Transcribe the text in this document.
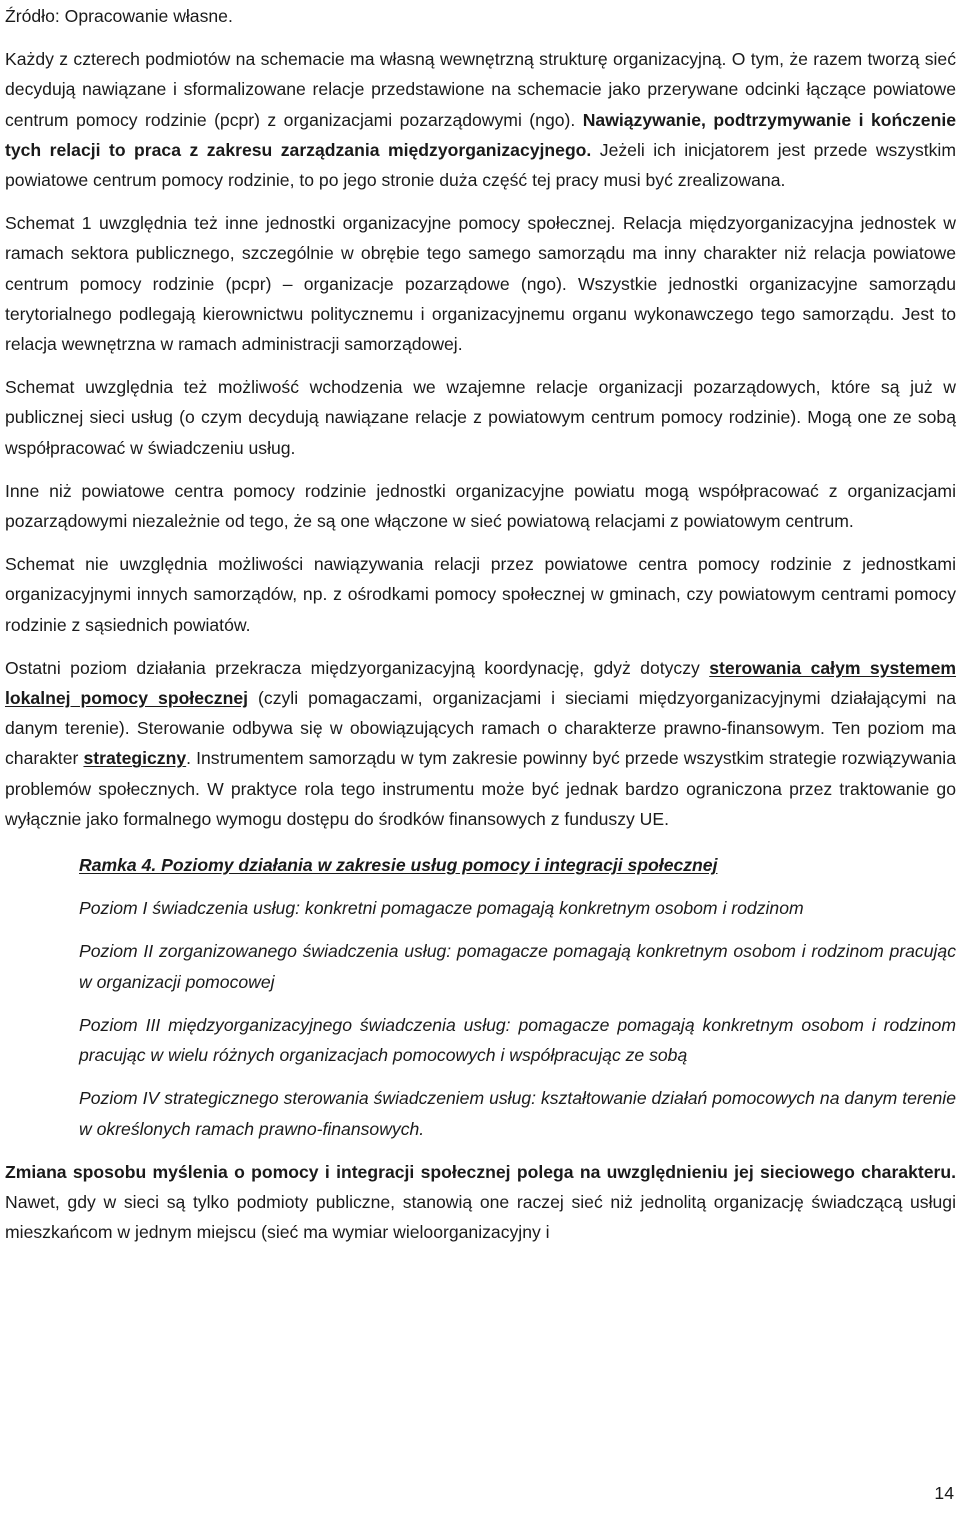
Źródło: Opracowanie własne.

Każdy z czterech podmiotów na schemacie ma własną wewnętrzną strukturę organizacyjną. O tym, że razem tworzą sieć decydują nawiązane i sformalizowane relacje przedstawione na schemacie jako przerywane odcinki łączące powiatowe centrum pomocy rodzinie (pcpr) z organizacjami pozarządowymi (ngo). Nawiązywanie, podtrzymywanie i kończenie tych relacji to praca z zakresu zarządzania międzyorganizacyjnego. Jeżeli ich inicjatorem jest przede wszystkim powiatowe centrum pomocy rodzinie, to po jego stronie duża część tej pracy musi być zrealizowana.

Schemat 1 uwzględnia też inne jednostki organizacyjne pomocy społecznej. Relacja międzyorganizacyjna jednostek w ramach sektora publicznego, szczególnie w obrębie tego samego samorządu ma inny charakter niż relacja powiatowe centrum pomocy rodzinie (pcpr) – organizacje pozarządowe (ngo). Wszystkie jednostki organizacyjne samorządu terytorialnego podlegają kierownictwu politycznemu i organizacyjnemu organu wykonawczego tego samorządu. Jest to relacja wewnętrzna w ramach administracji samorządowej.

Schemat uwzględnia też możliwość wchodzenia we wzajemne relacje organizacji pozarządowych, które są już w publicznej sieci usług (o czym decydują nawiązane relacje z powiatowym centrum pomocy rodzinie). Mogą one ze sobą współpracować w świadczeniu usług.

Inne niż powiatowe centra pomocy rodzinie jednostki organizacyjne powiatu mogą współpracować z organizacjami pozarządowymi niezależnie od tego, że są one włączone w sieć powiatową relacjami z powiatowym centrum.

Schemat nie uwzględnia możliwości nawiązywania relacji przez powiatowe centra pomocy rodzinie z jednostkami organizacyjnymi innych samorządów, np. z ośrodkami pomocy społecznej w gminach, czy powiatowym centrami pomocy rodzinie z sąsiednich powiatów.

Ostatni poziom działania przekracza międzyorganizacyjną koordynację, gdyż dotyczy sterowania całym systemem lokalnej pomocy społecznej (czyli pomagaczami, organizacjami i sieciami międzyorganizacyjnymi działającymi na danym terenie). Sterowanie odbywa się w obowiązujących ramach o charakterze prawno-finansowym. Ten poziom ma charakter strategiczny. Instrumentem samorządu w tym zakresie powinny być przede wszystkim strategie rozwiązywania problemów społecznych. W praktyce rola tego instrumentu może być jednak bardzo ograniczona przez traktowanie go wyłącznie jako formalnego wymogu dostępu do środków finansowych z funduszy UE.

Ramka 4. Poziomy działania w zakresie usług pomocy i integracji społecznej

Poziom I świadczenia usług: konkretni pomagacze pomagają konkretnym osobom i rodzinom

Poziom II zorganizowanego świadczenia usług: pomagacze pomagają konkretnym osobom i rodzinom pracując w organizacji pomocowej

Poziom III międzyorganizacyjnego świadczenia usług: pomagacze pomagają konkretnym osobom i rodzinom pracując w wielu różnych organizacjach pomocowych i współpracując ze sobą

Poziom IV strategicznego sterowania świadczeniem usług: kształtowanie działań pomocowych na danym terenie w określonych ramach prawno-finansowych.

Zmiana sposobu myślenia o pomocy i integracji społecznej polega na uwzględnieniu jej sieciowego charakteru. Nawet, gdy w sieci są tylko podmioty publiczne, stanowią one raczej sieć niż jednolitą organizację świadczącą usługi mieszkańcom w jednym miejscu (sieć ma wymiar wieloorganizacyjny i

14
